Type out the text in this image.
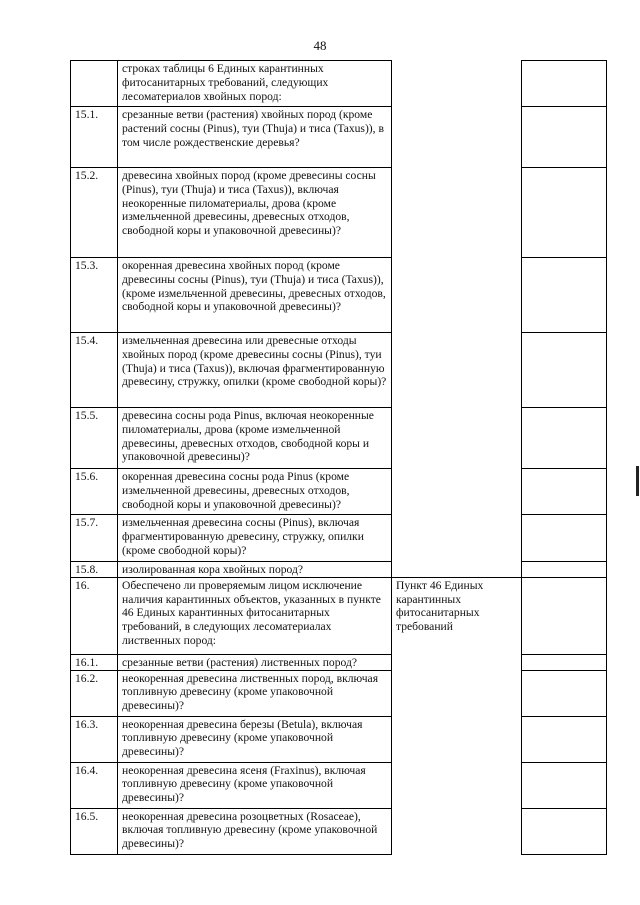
48
	строках таблицы 6 Единых карантинных фитосанитарных требований, следующих лесоматериалов хвойных пород:		
15.1.	срезанные ветви (растения) хвойных пород (кроме растений сосны (Pinus), туи (Thuja) и тиса (Taxus)), в том числе рождественские деревья?		
15.2.	древесина хвойных пород (кроме древесины сосны (Pinus), туи (Thuja) и тиса (Taxus)), включая неокоренные пиломатериалы, дрова (кроме измельченной древесины, древесных отходов, свободной коры и упаковочной древесины)?		
15.3.	окоренная древесина хвойных пород (кроме древесины сосны (Pinus), туи (Thuja) и тиса (Taxus)), (кроме измельченной древесины, древесных отходов, свободной коры и упаковочной древесины)?		
15.4.	измельченная древесина или древесные отходы хвойных пород (кроме древесины сосны (Pinus), туи (Thuja) и тиса (Taxus)), включая фрагментированную древесину, стружку, опилки (кроме свободной коры)?		
15.5.	древесина сосны рода Pinus, включая неокоренные пиломатериалы, дрова (кроме измельченной древесины, древесных отходов, свободной коры и упаковочной древесины)?		
15.6.	окоренная древесина сосны рода Pinus (кроме измельченной древесины, древесных отходов, свободной коры и упаковочной древесины)?		
15.7.	измельченная древесина сосны (Pinus), включая фрагментированную древесину, стружку, опилки (кроме свободной коры)?		
15.8.	изолированная кора хвойных пород?		
16.	Обеспечено ли проверяемым лицом исключение наличия карантинных объектов, указанных в пункте 46 Единых карантинных фитосанитарных требований, в следующих лесоматериалах лиственных пород:	Пункт 46 Единых карантинных фитосанитарных требований	
16.1.	срезанные ветви (растения) лиственных пород?		
16.2.	неокоренная древесина лиственных пород, включая топливную древесину (кроме упаковочной древесины)?		
16.3.	неокоренная древесина березы (Betula), включая топливную древесину (кроме упаковочной древесины)?		
16.4.	неокоренная древесина ясеня (Fraxinus), включая топливную древесину (кроме упаковочной древесины)?		
16.5.	неокоренная древесина розоцветных (Rosaceae), включая топливную древесину (кроме упаковочной древесины)?		
